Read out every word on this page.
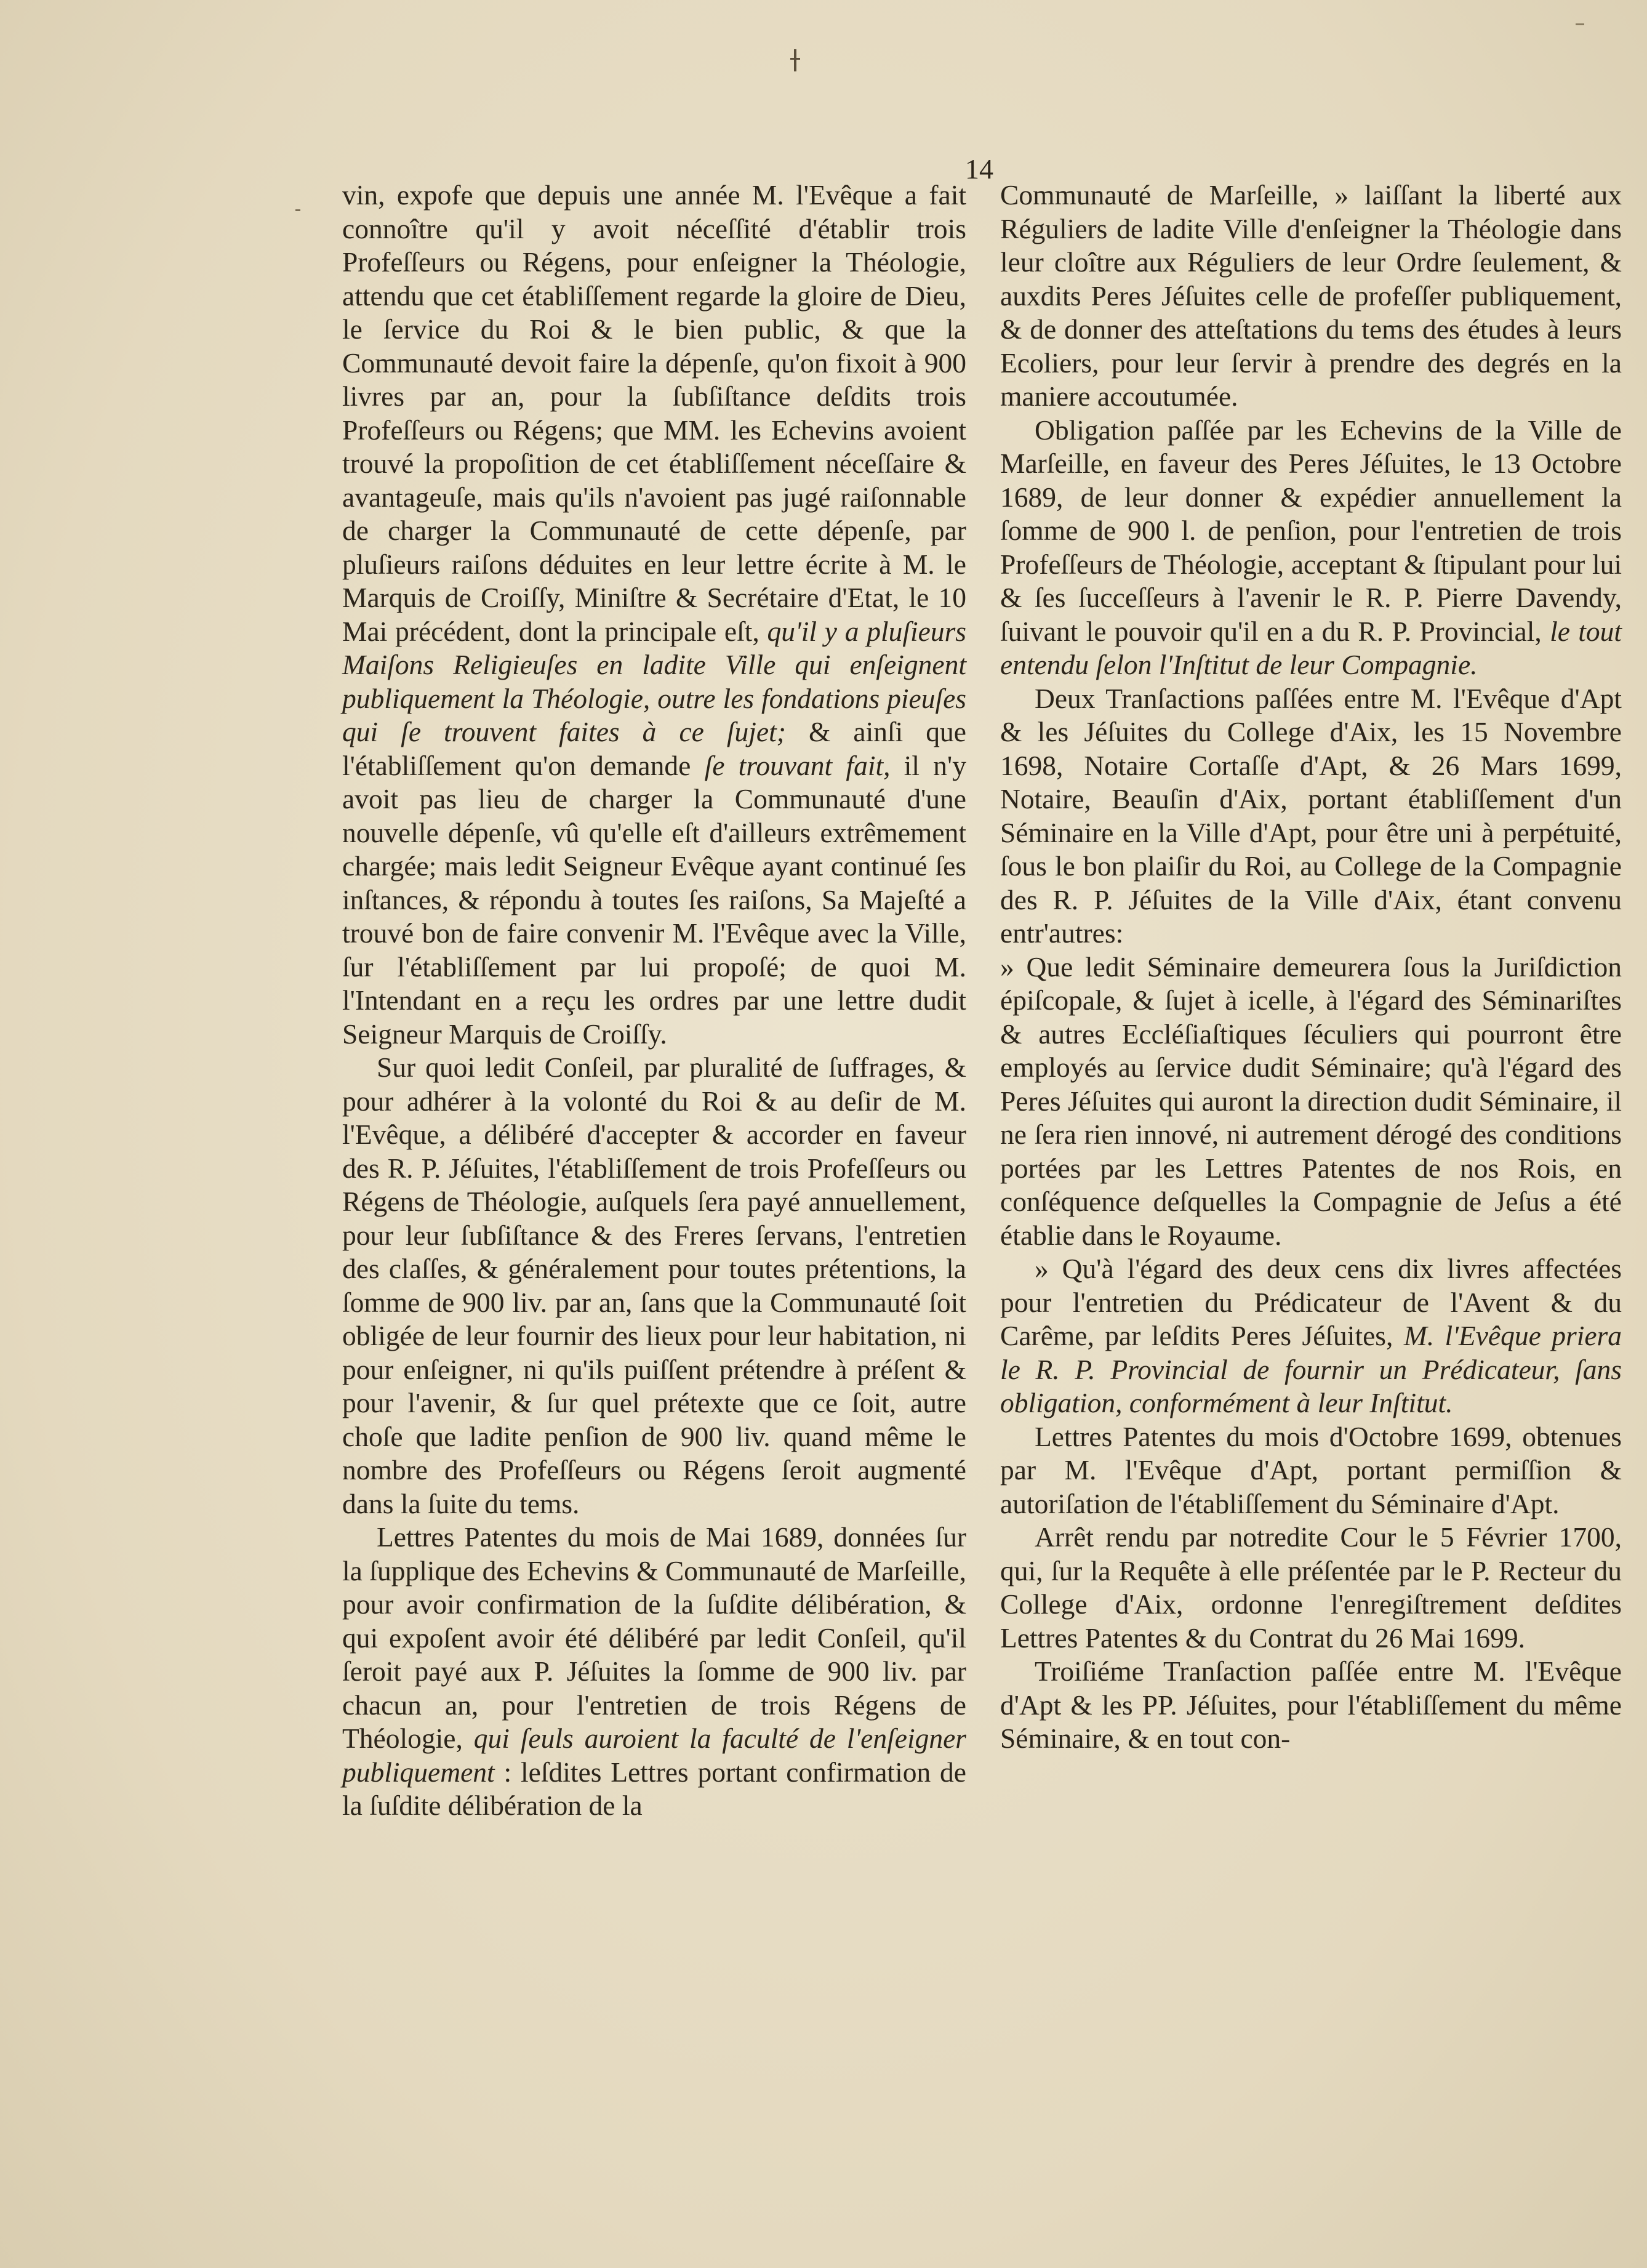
14

vin, expofe que depuis une année M. l'Evêque a fait connoître qu'il y avoit néceſſité d'établir trois Profeſſeurs ou Régens, pour enſeigner la Théologie, attendu que cet établiſſement regarde la gloire de Dieu, le ſervice du Roi & le bien public, & que la Communauté devoit faire la dépenſe, qu'on fixoit à 900 livres par an, pour la ſubſiſtance deſdits trois Profeſſeurs ou Régens; que MM. les Echevins avoient trouvé la propoſition de cet établiſſement néceſſaire & avantageuſe, mais qu'ils n'avoient pas jugé raiſonnable de charger la Communauté de cette dépenſe, par pluſieurs raiſons déduites en leur lettre écrite à M. le Marquis de Croiſſy, Miniſtre & Secrétaire d'Etat, le 10 Mai précédent, dont la principale eſt, qu'il y a pluſieurs Maiſons Religieuſes en ladite Ville qui enſeignent publiquement la Théologie, outre les fondations pieuſes qui ſe trouvent faites à ce ſujet; & ainſi que l'établiſſement qu'on demande ſe trouvant fait, il n'y avoit pas lieu de charger la Communauté d'une nouvelle dépenſe, vû qu'elle eſt d'ailleurs extrêmement chargée; mais ledit Seigneur Evêque ayant continué ſes inſtances, & répondu à toutes ſes raiſons, Sa Majeſté a trouvé bon de faire convenir M. l'Evêque avec la Ville, ſur l'établiſſement par lui propoſé; de quoi M. l'Intendant en a reçu les ordres par une lettre dudit Seigneur Marquis de Croiſſy.

Sur quoi ledit Conſeil, par pluralité de ſuffrages, & pour adhérer à la volonté du Roi & au deſir de M. l'Evêque, a délibéré d'accepter & accorder en faveur des R. P. Jéſuites, l'établiſſement de trois Profeſſeurs ou Régens de Théologie, auſquels ſera payé annuellement, pour leur ſubſiſtance & des Freres ſervans, l'entretien des claſſes, & généralement pour toutes prétentions, la ſomme de 900 liv. par an, ſans que la Communauté ſoit obligée de leur fournir des lieux pour leur habitation, ni pour enſeigner, ni qu'ils puiſſent prétendre à préſent & pour l'avenir, & ſur quel prétexte que ce ſoit, autre choſe que ladite penſion de 900 liv. quand même le nombre des Profeſſeurs ou Régens ſeroit augmenté dans la ſuite du tems.

Lettres Patentes du mois de Mai 1689, données ſur la ſupplique des Echevins & Communauté de Marſeille, pour avoir confirmation de la ſuſdite délibération, & qui expoſent avoir été délibéré par ledit Conſeil, qu'il ſeroit payé aux P. Jéſuites la ſomme de 900 liv. par chacun an, pour l'entretien de trois Régens de Théologie, qui ſeuls auroient la faculté de l'enſeigner publiquement : leſdites Lettres portant confirmation de la ſuſdite délibération de la

Communauté de Marſeille, » laiſſant la liberté aux Réguliers de ladite Ville d'enſeigner la Théologie dans leur cloître aux Réguliers de leur Ordre ſeulement, & auxdits Peres Jéſuites celle de profeſſer publiquement, & de donner des atteſtations du tems des études à leurs Ecoliers, pour leur ſervir à prendre des degrés en la maniere accoutumée.

Obligation paſſée par les Echevins de la Ville de Marſeille, en faveur des Peres Jéſuites, le 13 Octobre 1689, de leur donner & expédier annuellement la ſomme de 900 l. de penſion, pour l'entretien de trois Profeſſeurs de Théologie, acceptant & ſtipulant pour lui & ſes ſucceſſeurs à l'avenir le R. P. Pierre Davendy, ſuivant le pouvoir qu'il en a du R. P. Provincial, le tout entendu ſelon l'Inſtitut de leur Compagnie.

Deux Tranſactions paſſées entre M. l'Evêque d'Apt & les Jéſuites du College d'Aix, les 15 Novembre 1698, Notaire Cortaſſe d'Apt, & 26 Mars 1699, Notaire, Beauſin d'Aix, portant établiſſement d'un Séminaire en la Ville d'Apt, pour être uni à perpétuité, ſous le bon plaiſir du Roi, au College de la Compagnie des R. P. Jéſuites de la Ville d'Aix, étant convenu entr'autres:

» Que ledit Séminaire demeurera ſous la Juriſdiction épiſcopale, & ſujet à icelle, à l'égard des Séminariſtes & autres Eccléſiaſtiques ſéculiers qui pourront être employés au ſervice dudit Séminaire; qu'à l'égard des Peres Jéſuites qui auront la direction dudit Séminaire, il ne ſera rien innové, ni autrement dérogé des conditions portées par les Lettres Patentes de nos Rois, en conſéquence deſquelles la Compagnie de Jeſus a été établie dans le Royaume.

» Qu'à l'égard des deux cens dix livres affectées pour l'entretien du Prédicateur de l'Avent & du Carême, par leſdits Peres Jéſuites, M. l'Evêque priera le R. P. Provincial de fournir un Prédicateur, ſans obligation, conformément à leur Inſtitut.

Lettres Patentes du mois d'Octobre 1699, obtenues par M. l'Evêque d'Apt, portant permiſſion & autoriſation de l'établiſſement du Séminaire d'Apt.

Arrêt rendu par notredite Cour le 5 Février 1700, qui, ſur la Requête à elle préſentée par le P. Recteur du College d'Aix, ordonne l'enregiſtrement deſdites Lettres Patentes & du Contrat du 26 Mai 1699.

Troiſiéme Tranſaction paſſée entre M. l'Evêque d'Apt & les PP. Jéſuites, pour l'établiſſement du même Séminaire, & en tout con-
